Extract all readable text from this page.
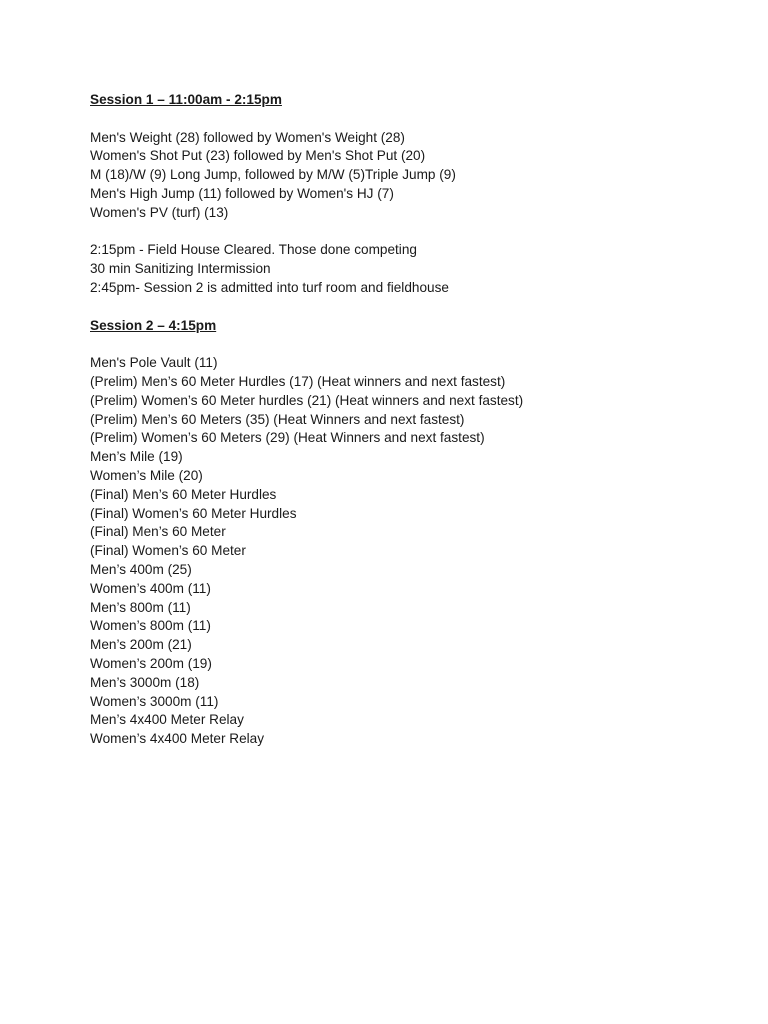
Session 1 – 11:00am - 2:15pm
Men's Weight (28) followed by Women's Weight (28)
Women's Shot Put (23) followed by Men's Shot Put (20)
M (18)/W (9) Long Jump, followed by M/W (5)Triple Jump (9)
Men's High Jump (11) followed by Women's HJ (7)
Women's PV (turf) (13)
2:15pm - Field House Cleared. Those done competing
30 min Sanitizing Intermission
2:45pm- Session 2 is admitted into turf room and fieldhouse
Session 2 – 4:15pm
Men's Pole Vault (11)
(Prelim) Men’s 60 Meter Hurdles (17) (Heat winners and next fastest)
(Prelim) Women’s 60 Meter hurdles (21) (Heat winners and next fastest)
(Prelim) Men’s 60 Meters (35) (Heat Winners and next fastest)
(Prelim) Women’s 60 Meters (29) (Heat Winners and next fastest)
Men’s Mile (19)
Women’s Mile (20)
(Final) Men’s 60 Meter Hurdles
(Final) Women’s 60 Meter Hurdles
(Final) Men’s 60 Meter
(Final) Women’s 60 Meter
Men’s 400m (25)
Women’s 400m (11)
Men’s 800m (11)
Women’s 800m (11)
Men’s 200m (21)
Women’s 200m (19)
Men’s 3000m (18)
Women’s 3000m (11)
Men’s 4x400 Meter Relay
Women’s 4x400 Meter Relay
